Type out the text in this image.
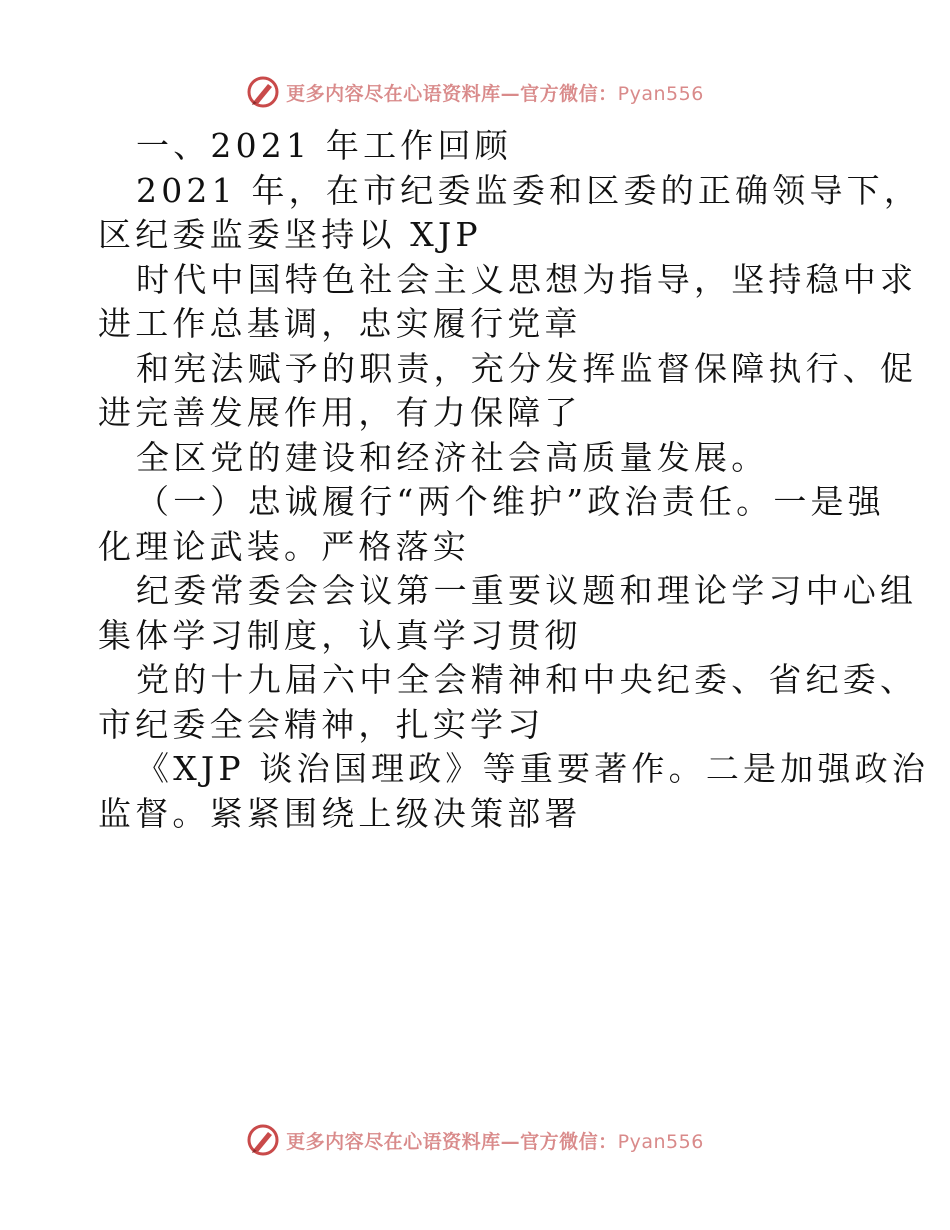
更多内容尽在心语资料库—官方微信：Pyan556
一、2021 年工作回顾
2021 年，在市纪委监委和区委的正确领导下，
区纪委监委坚持以 XJP
时代中国特色社会主义思想为指导，坚持稳中求
进工作总基调，忠实履行党章
和宪法赋予的职责，充分发挥监督保障执行、促
进完善发展作用，有力保障了
全区党的建设和经济社会高质量发展。
（一）忠诚履行“两个维护”政治责任。一是强
化理论武装。严格落实
纪委常委会会议第一重要议题和理论学习中心组
集体学习制度，认真学习贯彻
党的十九届六中全会精神和中央纪委、省纪委、
市纪委全会精神，扎实学习
《XJP 谈治国理政》等重要著作。二是加强政治
监督。紧紧围绕上级决策部署
更多内容尽在心语资料库—官方微信：Pyan556
